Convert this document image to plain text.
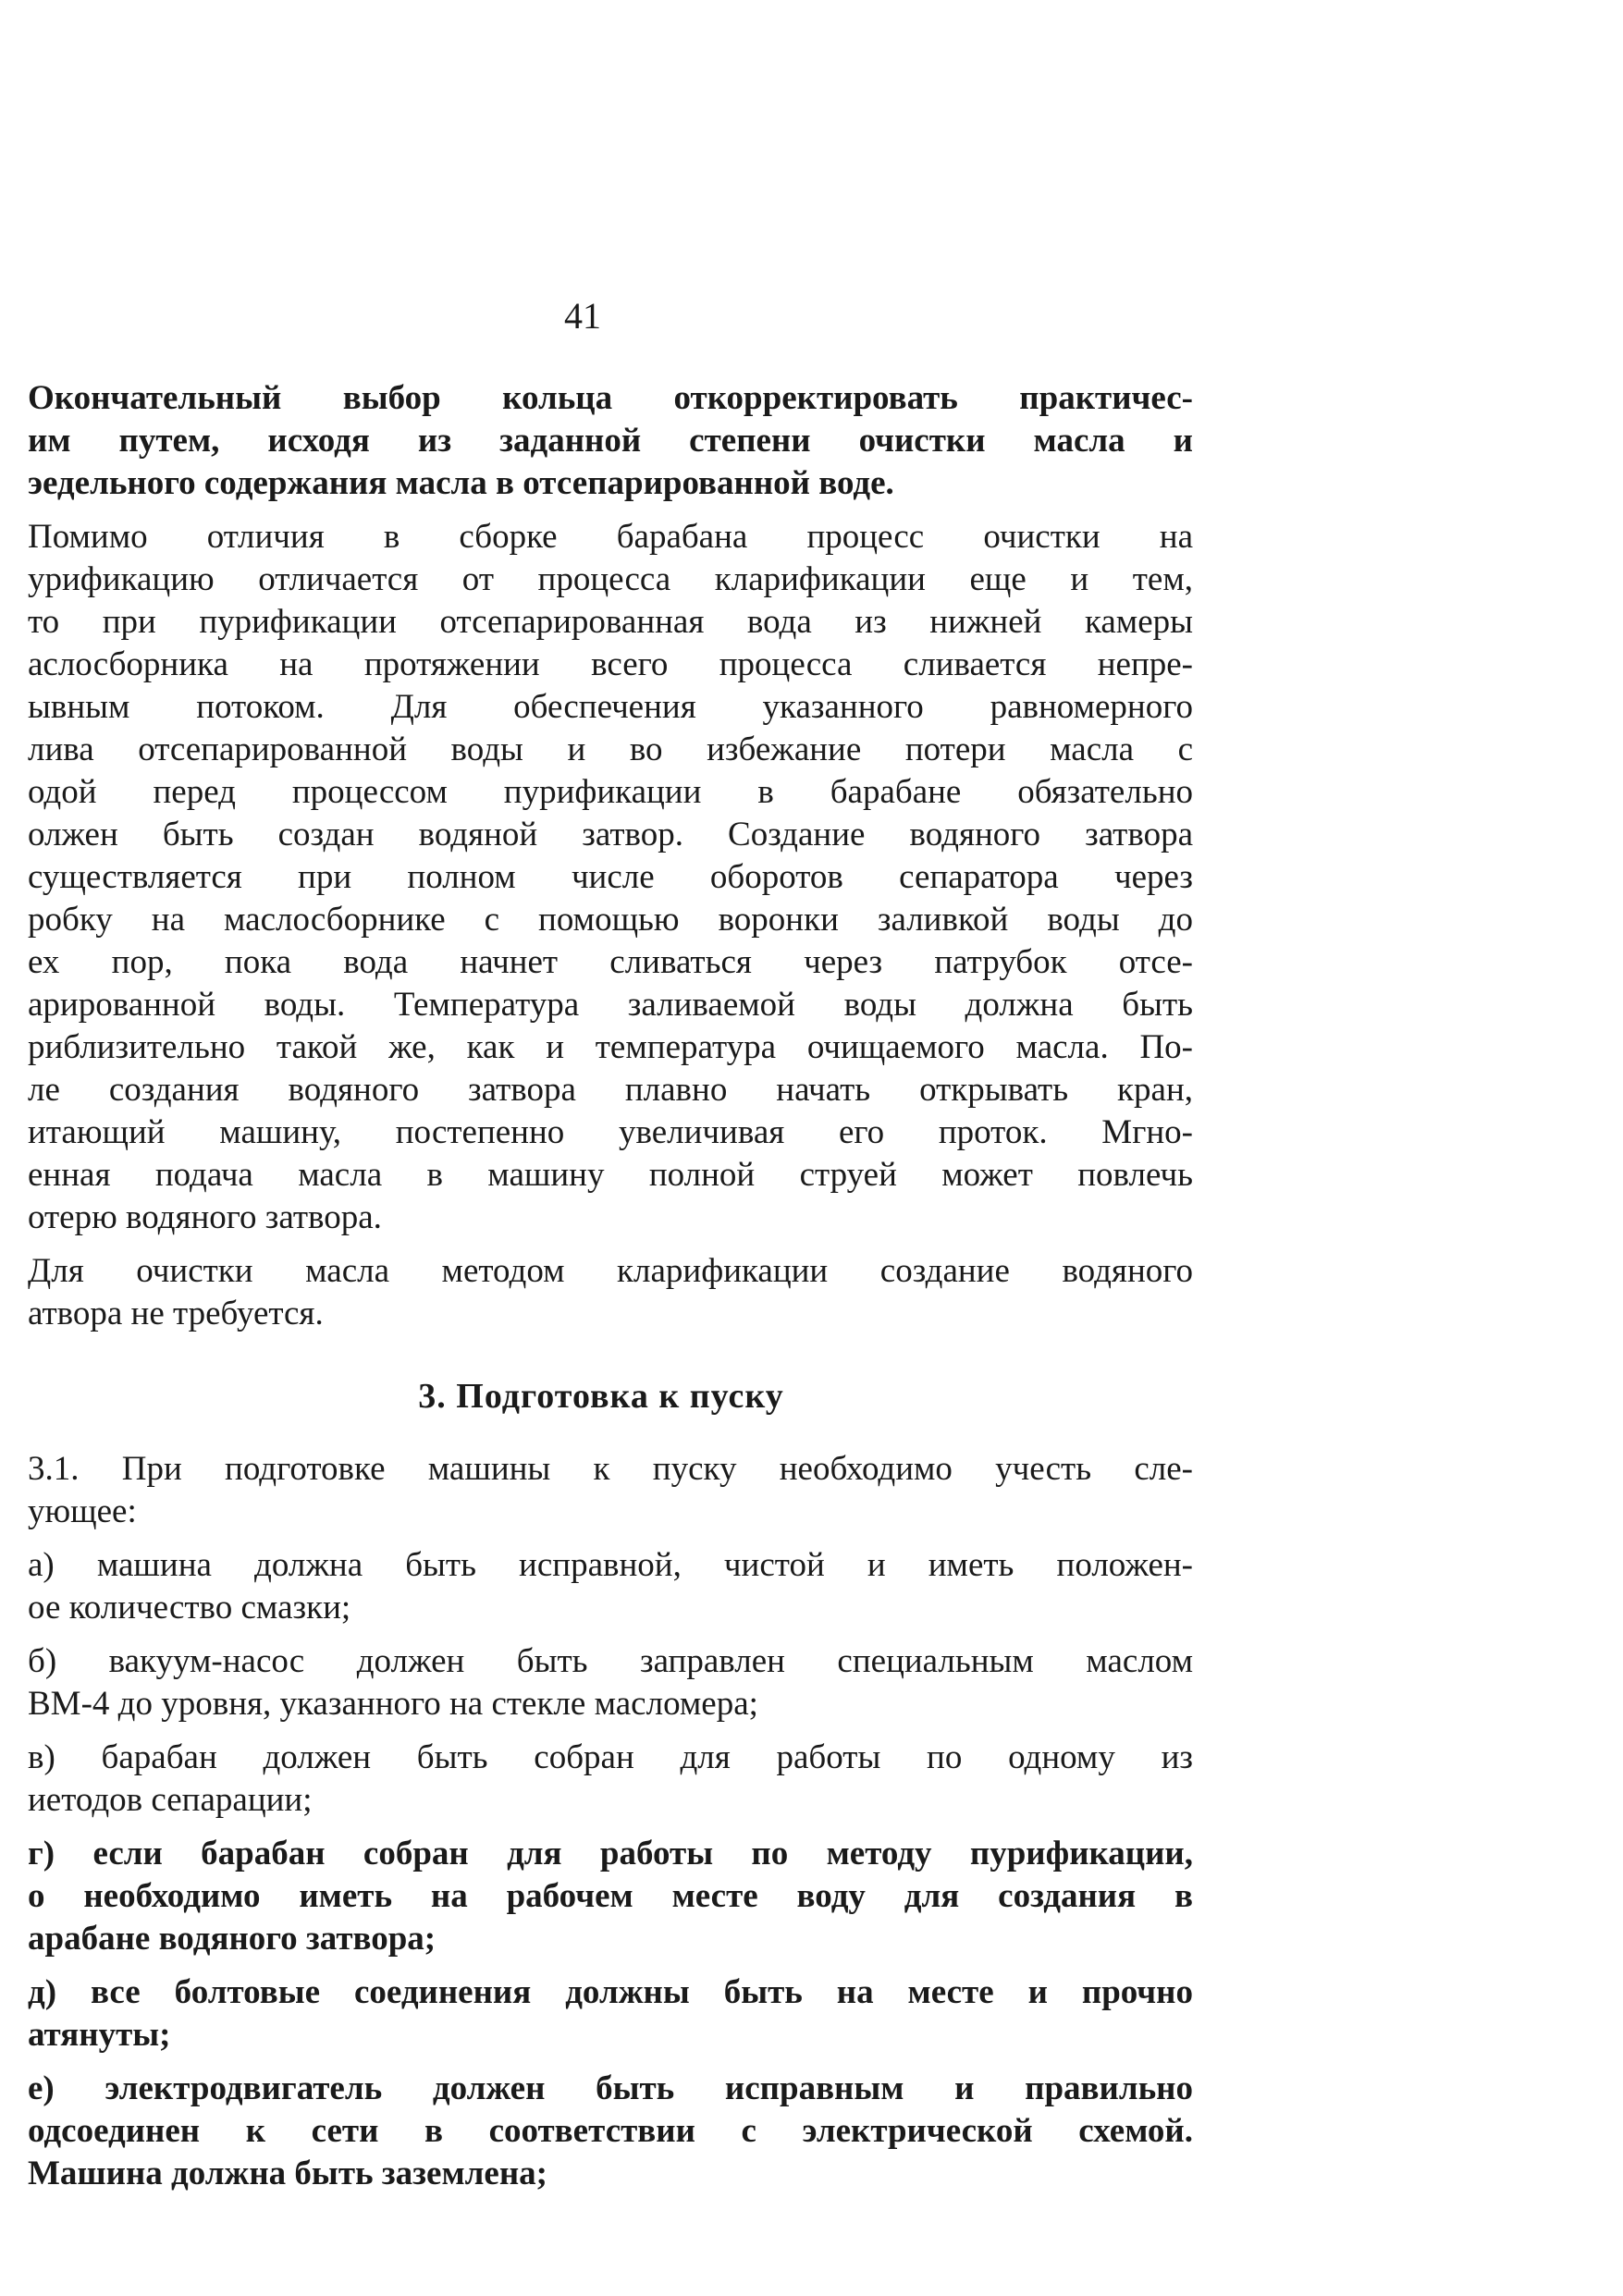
41
Окончательный выбор кольца откорректировать практичес-
им путем, исходя из заданной степени очистки масла и
эедельного содержания масла в отсепарированной воде.
Помимо отличия в сборке барабана процесс очистки на
урификацию отличается от процесса кларификации еще и тем,
то при пурификации отсепарированная вода из нижней камеры
аслосборника на протяжении всего процесса сливается непре-
ывным потоком. Для обеспечения указанного равномерного
лива отсепарированной воды и во избежание потери масла с
одой перед процессом пурификации в барабане обязательно
олжен быть создан водяной затвор. Создание водяного затвора
существляется при полном числе оборотов сепаратора через
робку на маслосборнике с помощью воронки заливкой воды до
ех пор, пока вода начнет сливаться через патрубок отсе-
арированной воды. Температура заливаемой воды должна быть
риблизительно такой же, как и температура очищаемого масла. По-
ле создания водяного затвора плавно начать открывать кран,
итающий машину, постепенно увеличивая его проток. Мгно-
енная подача масла в машину полной струей может повлечь
отерю водяного затвора.
Для очистки масла методом кларификации создание водяного
атвора не требуется.
3. Подготовка к пуску
3.1. При подготовке машины к пуску необходимо учесть сле-
ующее:
а) машина должна быть исправной, чистой и иметь положен-
ое количество смазки;
б) вакуум-насос должен быть заправлен специальным маслом
ВМ-4 до уровня, указанного на стекле масломера;
в) барабан должен быть собран для работы по одному из
иетодов сепарации;
г) если барабан собран для работы по методу пурификации,
о необходимо иметь на рабочем месте воду для создания в
арабане водяного затвора;
д) все болтовые соединения должны быть на месте и прочно
атянуты;
е) электродвигатель должен быть исправным и правильно
одсоединен к сети в соответствии с электрической схемой.
Машина должна быть заземлена;
